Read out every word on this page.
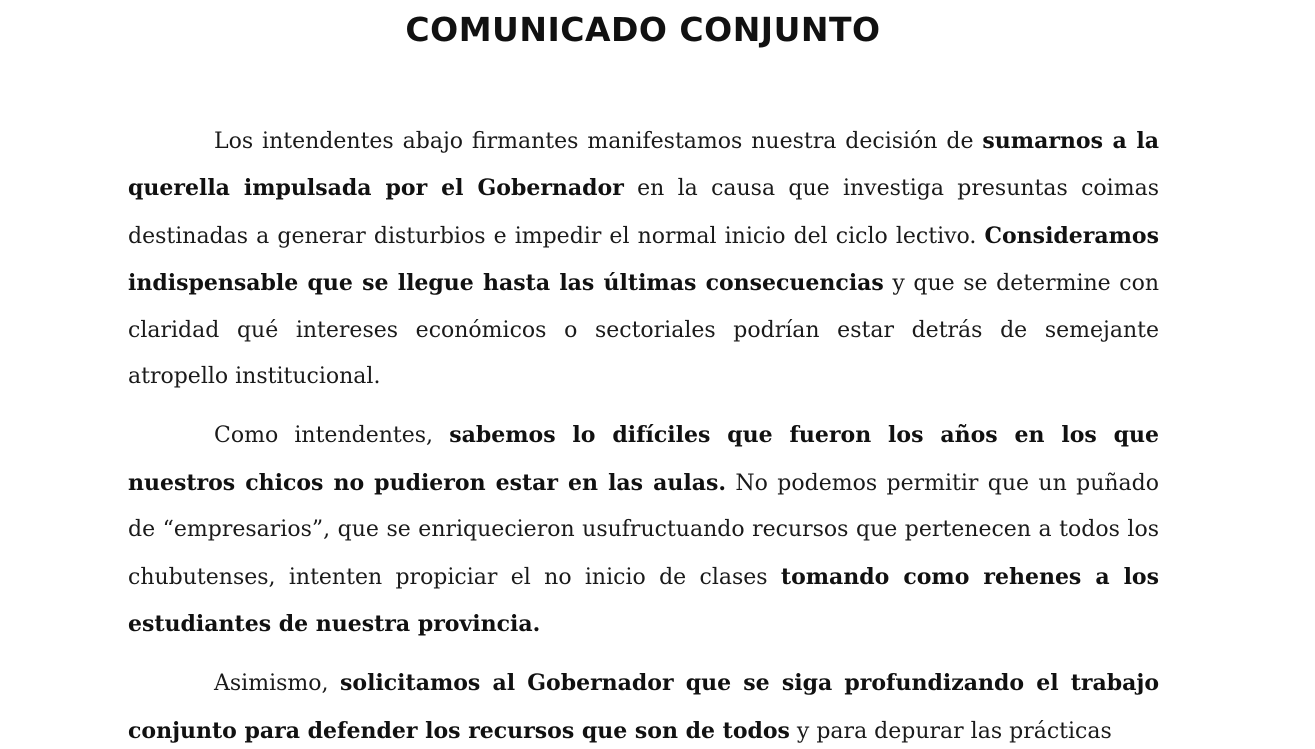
COMUNICADO CONJUNTO

Los intendentes abajo firmantes manifestamos nuestra decisión de sumarnos a la querella impulsada por el Gobernador en la causa que investiga presuntas coimas destinadas a generar disturbios e impedir el normal inicio del ciclo lectivo. Consideramos indispensable que se llegue hasta las últimas consecuencias y que se determine con claridad qué intereses económicos o sectoriales podrían estar detrás de semejante atropello institucional.

Como intendentes, sabemos lo difíciles que fueron los años en los que nuestros chicos no pudieron estar en las aulas. No podemos permitir que un puñado de “empresarios”, que se enriquecieron usufructuando recursos que pertenecen a todos los chubutenses, intenten propiciar el no inicio de clases tomando como rehenes a los estudiantes de nuestra provincia.

Asimismo, solicitamos al Gobernador que se siga profundizando el trabajo conjunto para defender los recursos que son de todos y para depurar las prácticas
